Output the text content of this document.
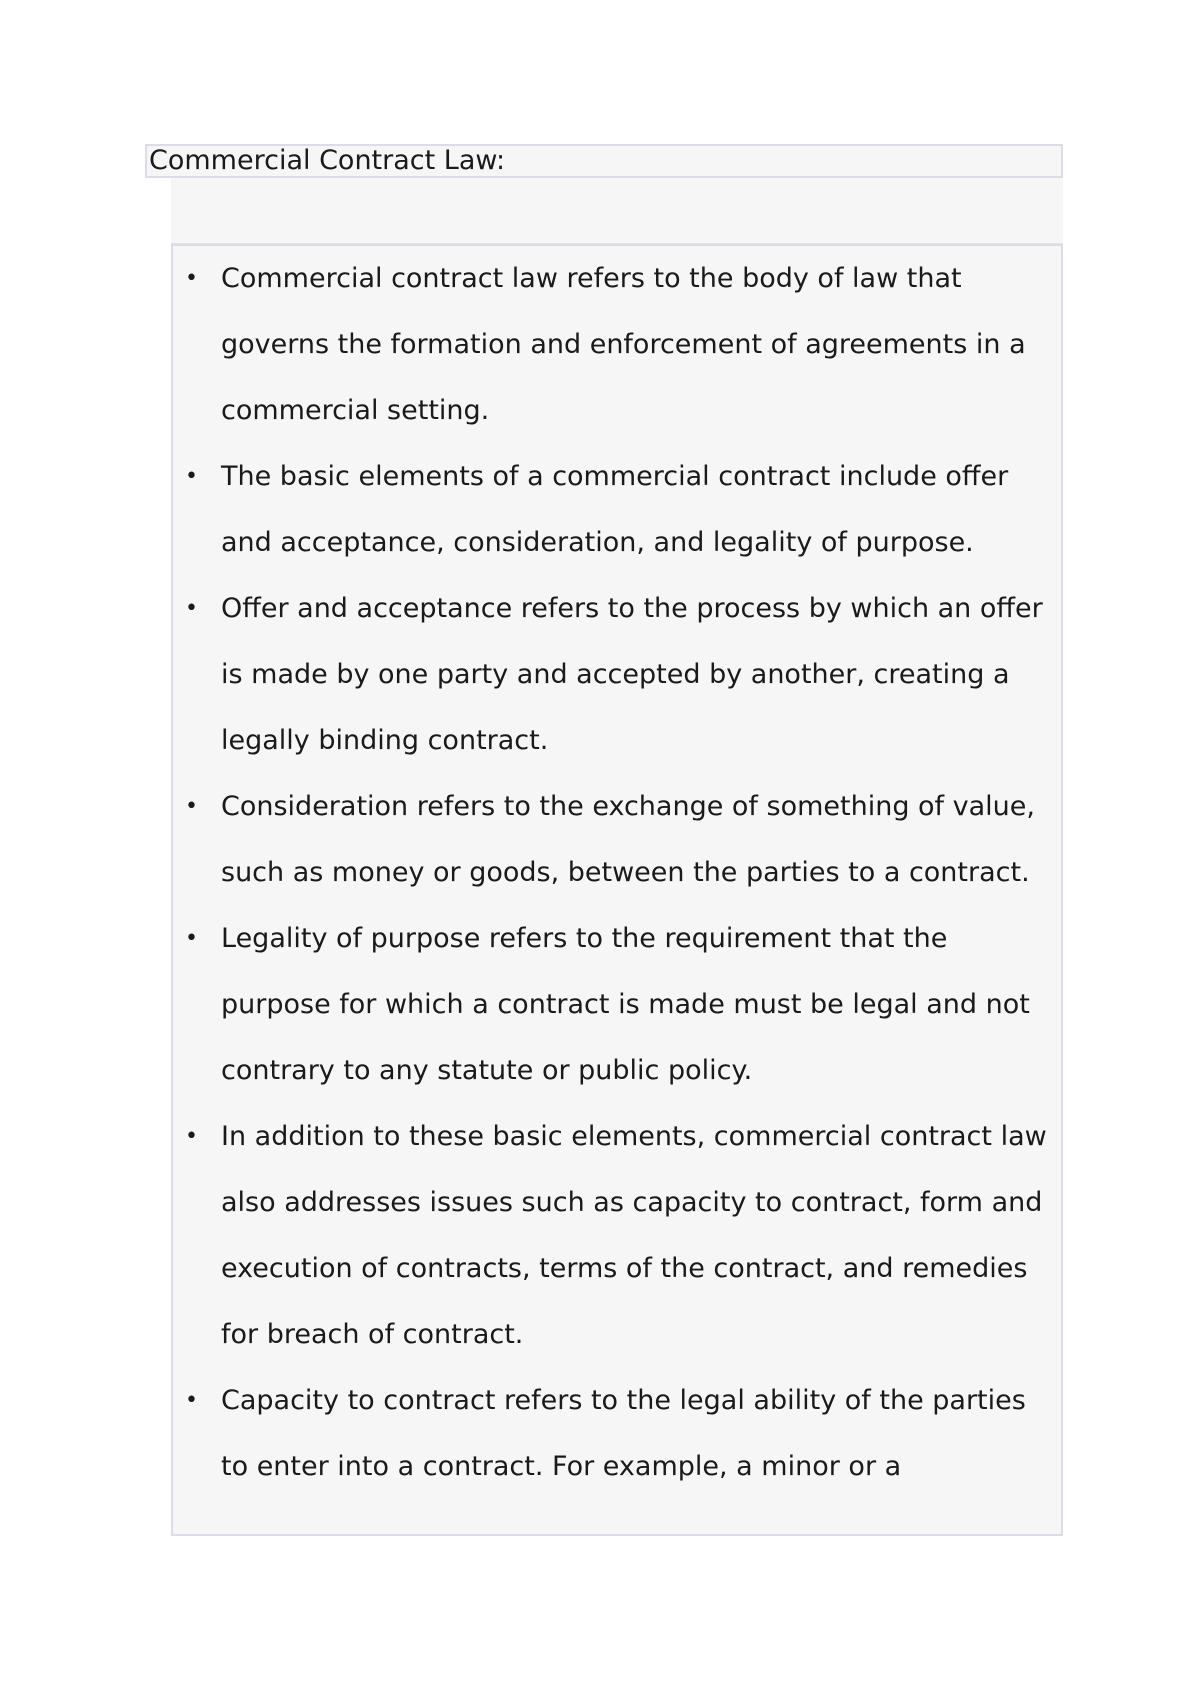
Commercial Contract Law:
• Commercial contract law refers to the body of law that governs the formation and enforcement of agreements in a commercial setting.
• The basic elements of a commercial contract include offer and acceptance, consideration, and legality of purpose.
• Offer and acceptance refers to the process by which an offer is made by one party and accepted by another, creating a legally binding contract.
• Consideration refers to the exchange of something of value, such as money or goods, between the parties to a contract.
• Legality of purpose refers to the requirement that the purpose for which a contract is made must be legal and not contrary to any statute or public policy.
• In addition to these basic elements, commercial contract law also addresses issues such as capacity to contract, form and execution of contracts, terms of the contract, and remedies for breach of contract.
• Capacity to contract refers to the legal ability of the parties to enter into a contract. For example, a minor or a
